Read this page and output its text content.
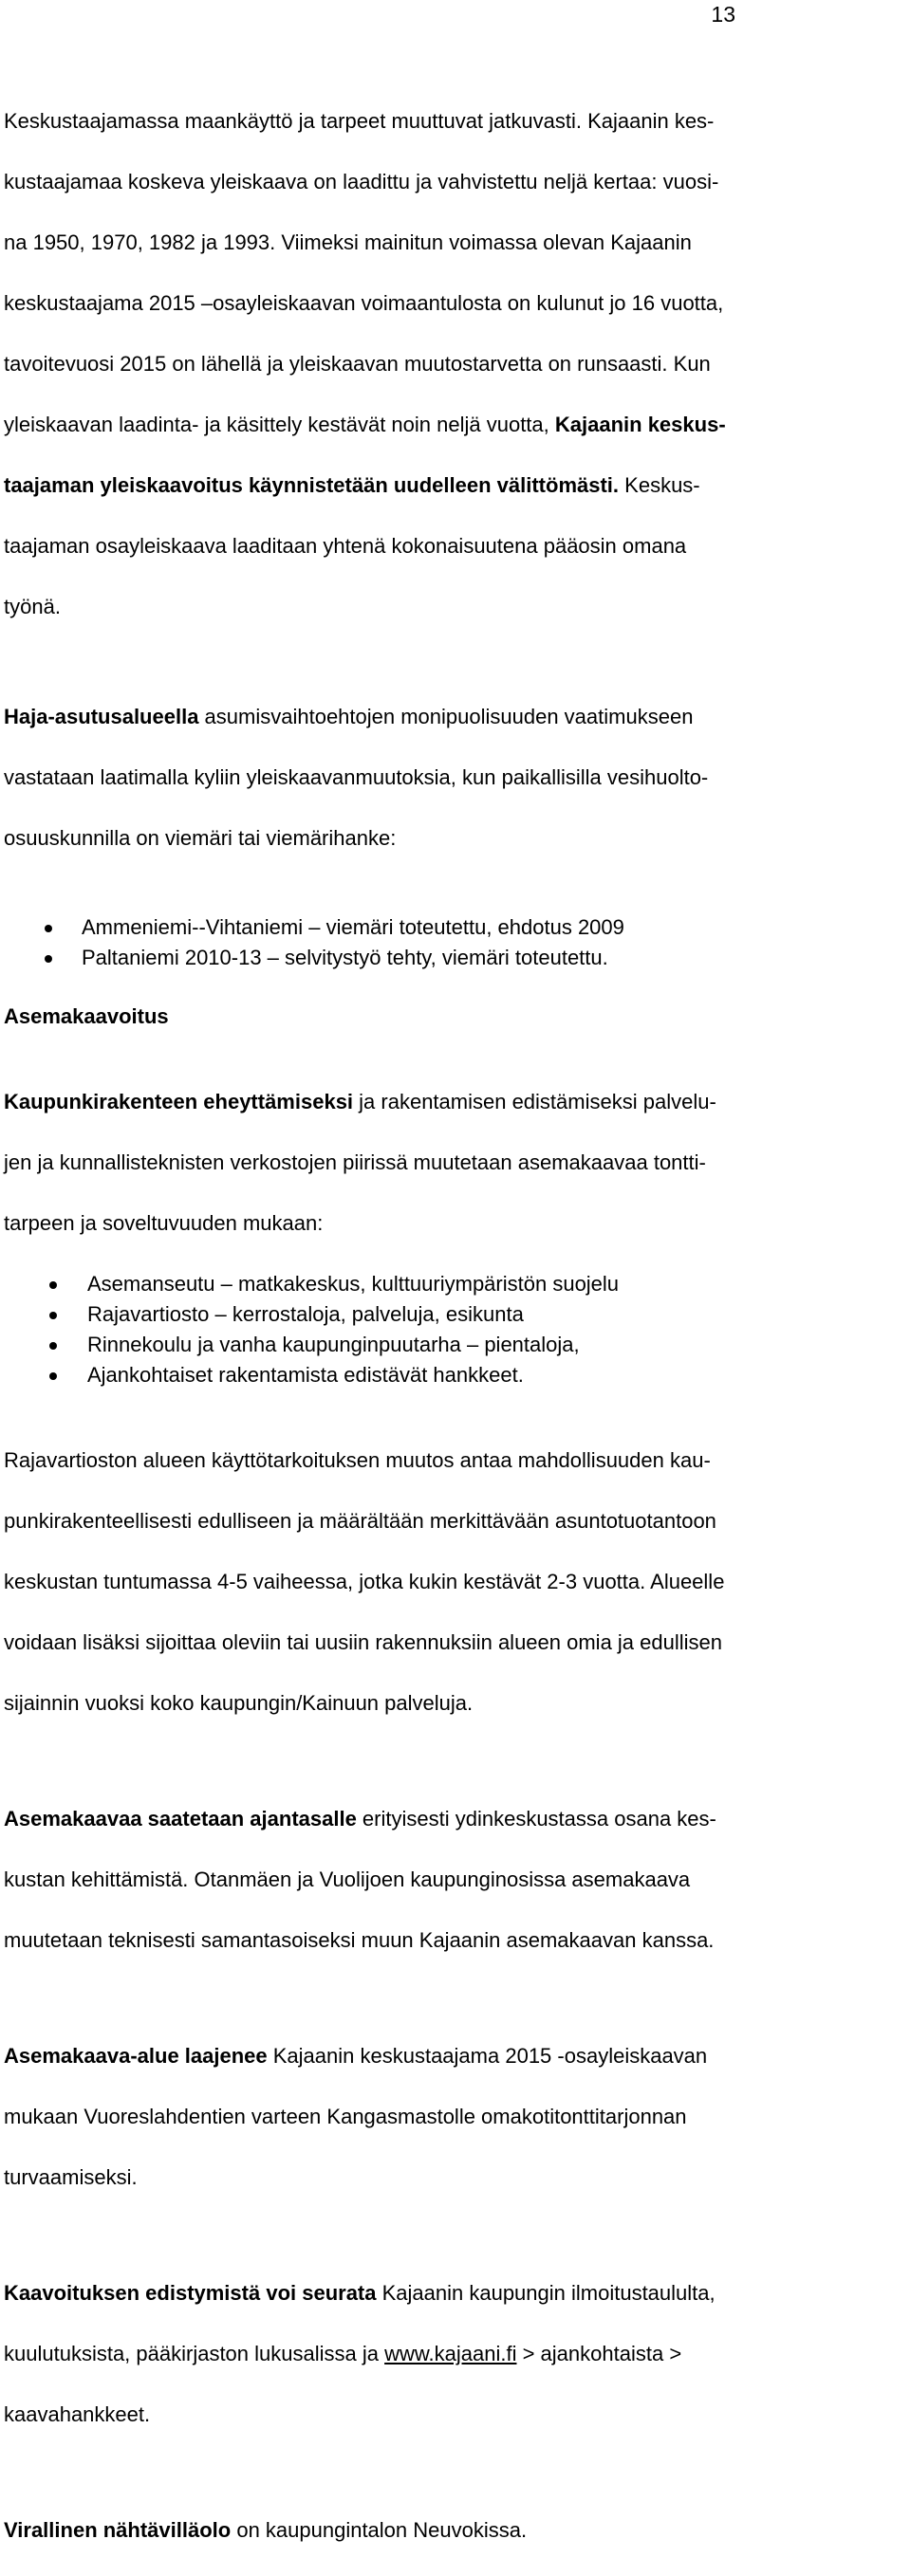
13

Keskustaajamassa maankäyttö ja tarpeet muuttuvat jatkuvasti. Kajaanin kes-

kustaajamaa koskeva yleiskaava on laadittu ja vahvistettu neljä kertaa: vuosi-

na 1950, 1970, 1982 ja 1993. Viimeksi mainitun voimassa olevan Kajaanin

keskustaajama 2015 –osayleiskaavan voimaantulosta on kulunut jo 16 vuotta,

tavoitevuosi 2015 on lähellä ja yleiskaavan muutostarvetta on runsaasti. Kun

yleiskaavan laadinta- ja käsittely kestävät noin neljä vuotta, Kajaanin keskus-

taajaman yleiskaavoitus käynnistetään uudelleen välittömästi. Keskus-

taajaman osayleiskaava laaditaan yhtenä kokonaisuutena pääosin omana

työnä.

Haja-asutusalueella asumisvaihtoehtojen monipuolisuuden vaatimukseen

vastataan laatimalla kyliin yleiskaavanmuutoksia, kun paikallisilla vesihuolto-

osuuskunnilla on viemäri tai viemärihanke:

Ammeniemi--Vihtaniemi – viemäri toteutettu, ehdotus 2009
Paltaniemi 2010-13 – selvitystyö tehty, viemäri toteutettu.
Asemakaavoitus

Kaupunkirakenteen eheyttämiseksi ja rakentamisen edistämiseksi palvelu-

jen ja kunnallisteknisten verkostojen piirissä muutetaan asemakaavaa tontti-

tarpeen ja soveltuvuuden mukaan:

Asemanseutu – matkakeskus, kulttuuriympäristön suojelu
Rajavartiosto – kerrostaloja, palveluja, esikunta
Rinnekoulu ja vanha kaupunginpuutarha – pientaloja,
Ajankohtaiset rakentamista edistävät hankkeet.

Rajavartioston alueen käyttötarkoituksen muutos antaa mahdollisuuden kau-

punkirakenteellisesti edulliseen ja määrältään merkittävään asuntotuotantoon

keskustan tuntumassa 4-5 vaiheessa, jotka kukin kestävät 2-3 vuotta. Alueelle

voidaan lisäksi sijoittaa oleviin tai uusiin rakennuksiin alueen omia ja edullisen

sijainnin vuoksi koko kaupungin/Kainuun palveluja.

Asemakaavaa saatetaan ajantasalle erityisesti ydinkeskustassa osana kes-

kustan kehittämistä. Otanmäen ja Vuolijoen kaupunginosissa asemakaava

muutetaan teknisesti samantasoiseksi muun Kajaanin asemakaavan kanssa.

Asemakaava-alue laajenee Kajaanin keskustaajama 2015 -osayleiskaavan

mukaan Vuoreslahdentien varteen Kangasmastolle omakotitonttitarjonnan

turvaamiseksi.

Kaavoituksen edistymistä voi seurata Kajaanin kaupungin ilmoitustaululta,

kuulutuksista, pääkirjaston lukusalissa ja www.kajaani.fi > ajankohtaista >

kaavahankkeet.

Virallinen nähtävilläolo on kaupungintalon Neuvokissa.
